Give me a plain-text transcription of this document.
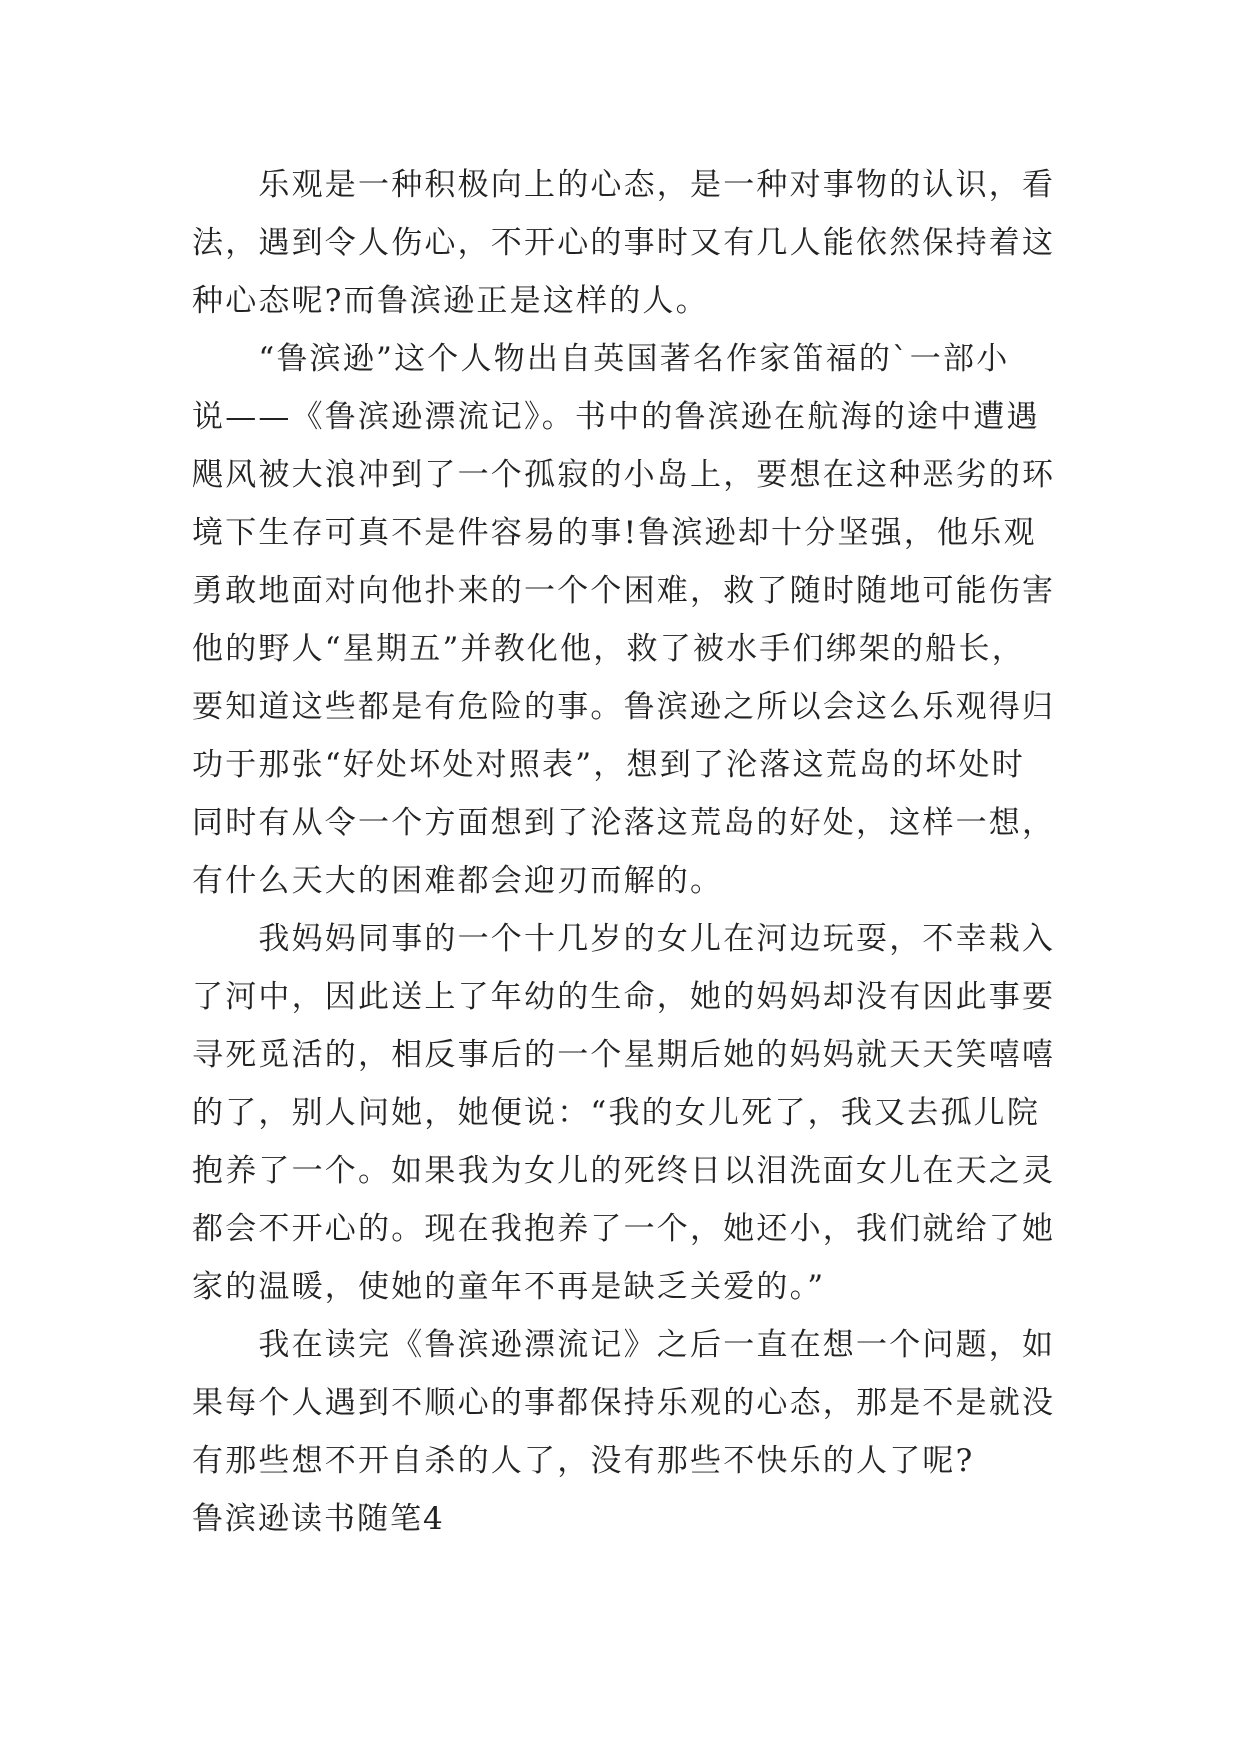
　　乐观是一种积极向上的心态，是一种对事物的认识，看
法，遇到令人伤心，不开心的事时又有几人能依然保持着这
种心态呢?而鲁滨逊正是这样的人。
　　“鲁滨逊”这个人物出自英国著名作家笛福的`一部小
说——《鲁滨逊漂流记》。书中的鲁滨逊在航海的途中遭遇
飓风被大浪冲到了一个孤寂的小岛上，要想在这种恶劣的环
境下生存可真不是件容易的事!鲁滨逊却十分坚强，他乐观
勇敢地面对向他扑来的一个个困难，救了随时随地可能伤害
他的野人“星期五”并教化他，救了被水手们绑架的船长，
要知道这些都是有危险的事。鲁滨逊之所以会这么乐观得归
功于那张“好处坏处对照表”，想到了沦落这荒岛的坏处时
同时有从令一个方面想到了沦落这荒岛的好处，这样一想，
有什么天大的困难都会迎刃而解的。
　　我妈妈同事的一个十几岁的女儿在河边玩耍，不幸栽入
了河中，因此送上了年幼的生命，她的妈妈却没有因此事要
寻死觅活的，相反事后的一个星期后她的妈妈就天天笑嘻嘻
的了，别人问她，她便说：“我的女儿死了，我又去孤儿院
抱养了一个。如果我为女儿的死终日以泪洗面女儿在天之灵
都会不开心的。现在我抱养了一个，她还小，我们就给了她
家的温暖，使她的童年不再是缺乏关爱的。”
　　我在读完《鲁滨逊漂流记》之后一直在想一个问题，如
果每个人遇到不顺心的事都保持乐观的心态，那是不是就没
有那些想不开自杀的人了，没有那些不快乐的人了呢?
鲁滨逊读书随笔4
